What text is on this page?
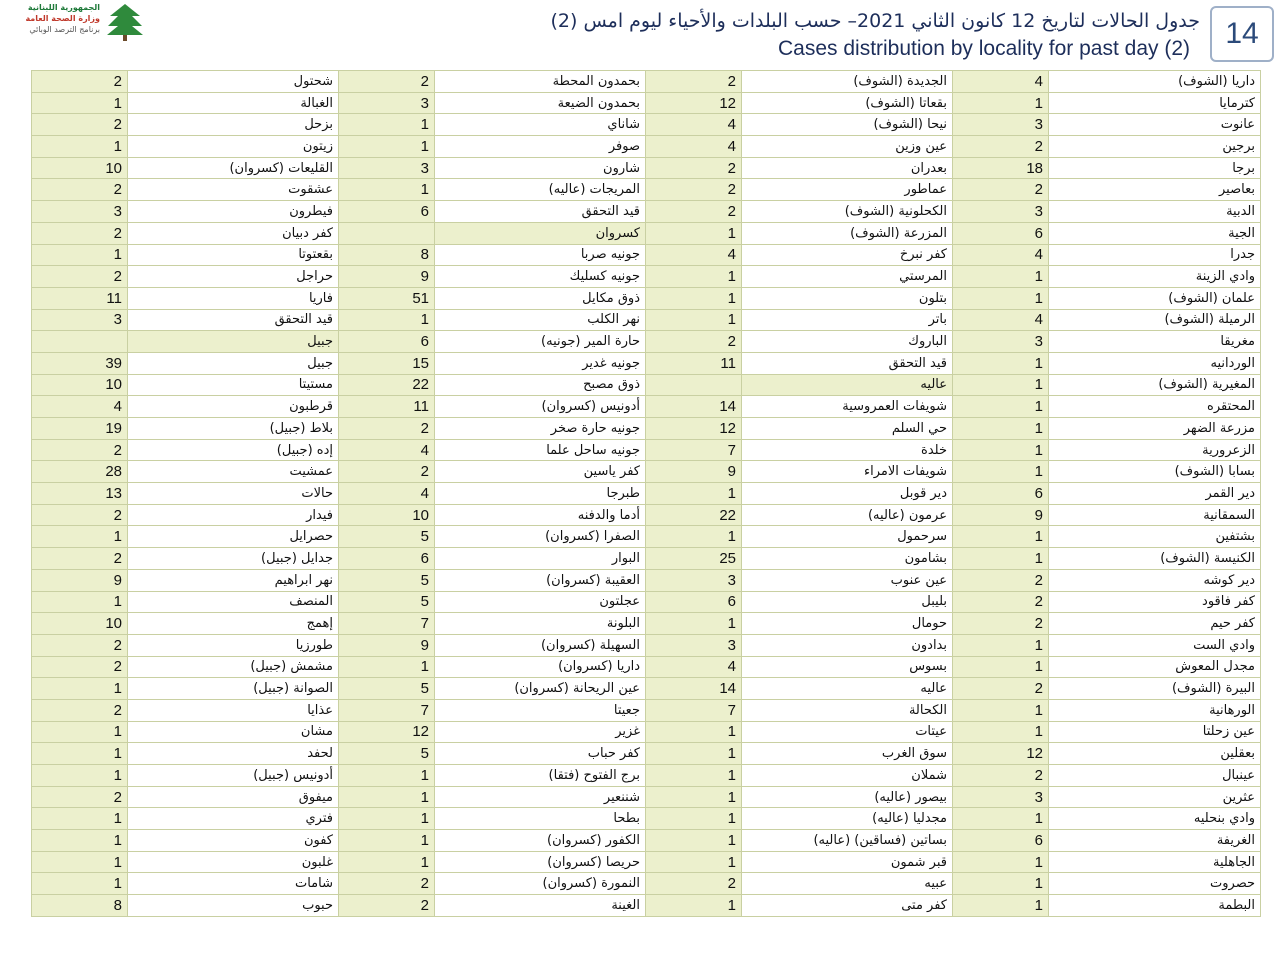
الجمهورية اللبنانية
وزارة الصحة العامة
برنامج الترصد الوبائي	جدول الحالات لتاريخ 12 كانون الثاني 2021– حسب البلدات والأحياء ليوم امس (2)
Cases distribution by locality for past day (2)	14
2	شحتول	2	بحمدون المحطة	2	الجديدة (الشوف)	4	داريا (الشوف)
1	الغبالة	3	بحمدون الضيعة	12	بقعاتا (الشوف)	1	كترمايا
2	بزحل	1	شاناي	4	نيحا (الشوف)	3	عانوت
1	زيتون	1	صوفر	4	عين وزين	2	برجين
10	القليعات (كسروان)	3	شارون	2	بعدران	18	برجا
2	عشقوت	1	المريجات (عاليه)	2	عماطور	2	بعاصير
3	فيطرون	6	قيد التحقق	2	الكحلونية (الشوف)	3	الدبية
2	كفر دبيان		كسروان	1	المزرعة (الشوف)	6	الجية
1	بقعتوتا	8	جونيه صربا	4	كفر نبرخ	4	جدرا
2	حراجل	9	جونيه كسليك	1	المرستي	1	وادي الزينة
11	فاريا	51	ذوق مكايل	1	بتلون	1	علمان (الشوف)
3	قيد التحقق	1	نهر الكلب	1	باتر	4	الرميلة (الشوف)
	جبيل	6	حارة المير (جونيه)	2	الباروك	3	مغريقا
39	جبيل	15	جونيه غدير	11	قيد التحقق	1	الوردانيه
10	مستيتا	22	ذوق مصبح		عاليه	1	المغيرية (الشوف)
4	قرطبون	11	أدونيس (كسروان)	14	شويفات العمروسية	1	المحتقره
19	بلاط (جبيل)	2	جونيه حارة صخر	12	حي السلم	1	مزرعة الضهر
2	إده (جبيل)	4	جونيه ساحل علما	7	خلدة	1	الزعرورية
28	عمشيت	2	كفر ياسين	9	شويفات الامراء	1	بسابا (الشوف)
13	حالات	4	طبرجا	1	دير قوبل	6	دير القمر
2	فيدار	10	أدما والدفنه	22	عرمون (عاليه)	9	السمقانية
1	حصرايل	5	الصفرا (كسروان)	1	سرحمول	1	بشتفين
2	جدايل (جبيل)	6	البوار	25	بشامون	1	الكنيسة (الشوف)
9	نهر ابراهيم	5	العقيبة (كسروان)	3	عين عنوب	2	دير كوشه
1	المنصف	5	عجلتون	6	بليبل	2	كفر فاقود
10	إهمج	7	البلونة	1	حومال	2	كفر حيم
2	طورزيا	9	السهيلة (كسروان)	3	بدادون	1	وادي الست
2	مشمش (جبيل)	1	داريا (كسروان)	4	بسوس	1	مجدل المعوش
1	الصوانة (جبيل)	5	عين الريحانة (كسروان)	14	عاليه	2	البيرة (الشوف)
2	عذايا	7	جعيتا	7	الكحالة	1	الورهانية
1	مشان	12	غزير	1	عيتات	1	عين زحلتا
1	لحفد	5	كفر حباب	1	سوق الغرب	12	بعقلين
1	أدونيس (جبيل)	1	برج الفتوح (فتقا)	1	شملان	2	عينبال
2	ميفوق	1	شننعير	1	بيصور (عاليه)	3	عثرين
1	فتري	1	بطحا	1	مجدليا (عاليه)	1	وادي بنحليه
1	كفون	1	الكفور (كسروان)	1	بساتين (فساقين) (عاليه)	6	الغريفة
1	غلبون	1	حريصا (كسروان)	1	قبر شمون	1	الجاهلية
1	شامات	2	النمورة (كسروان)	2	عبيه	1	حصروت
8	حبوب	2	الغينة	1	كفر متى	1	البطمة
